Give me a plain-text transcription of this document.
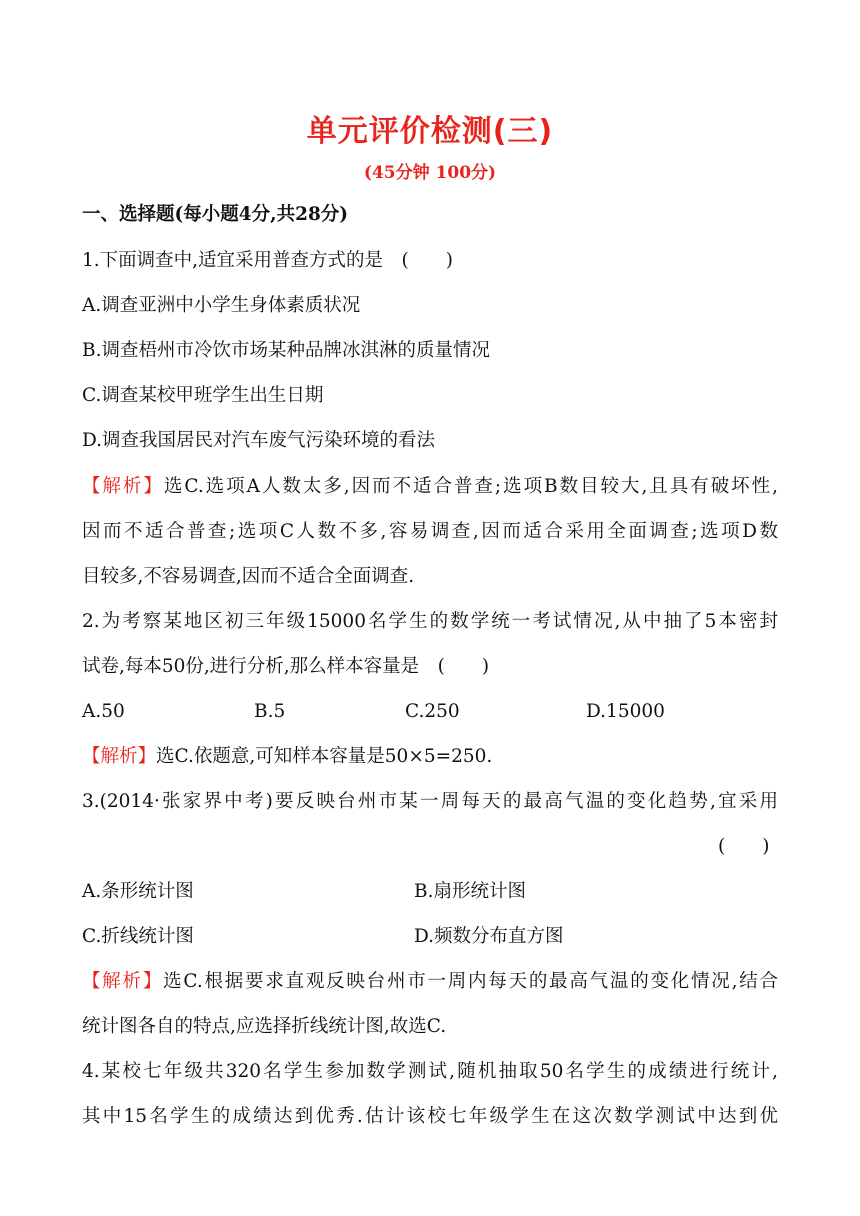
单元评价检测(三)
(45分钟 100分)
一、选择题(每小题4分,共28分)
1.下面调查中,适宜采用普查方式的是　(　　)
A.调查亚洲中小学生身体素质状况
B.调查梧州市冷饮市场某种品牌冰淇淋的质量情况
C.调查某校甲班学生出生日期
D.调查我国居民对汽车废气污染环境的看法
【解析】选C.选项A人数太多,因而不适合普查;选项B数目较大,且具有破坏性,
因而不适合普查;选项C人数不多,容易调查,因而适合采用全面调查;选项D数
目较多,不容易调查,因而不适合全面调查.
2.为考察某地区初三年级15000名学生的数学统一考试情况,从中抽了5本密封
试卷,每本50份,进行分析,那么样本容量是　(　　)
A.50	B.5	C.250	D.15000
【解析】选C.依题意,可知样本容量是50×5=250.
3.(2014·张家界中考)要反映台州市某一周每天的最高气温的变化趋势,宜采用
(　　)
A.条形统计图	B.扇形统计图
C.折线统计图	D.频数分布直方图
【解析】选C.根据要求直观反映台州市一周内每天的最高气温的变化情况,结合
统计图各自的特点,应选择折线统计图,故选C.
4.某校七年级共320名学生参加数学测试,随机抽取50名学生的成绩进行统计,
其中15名学生的成绩达到优秀.估计该校七年级学生在这次数学测试中达到优
